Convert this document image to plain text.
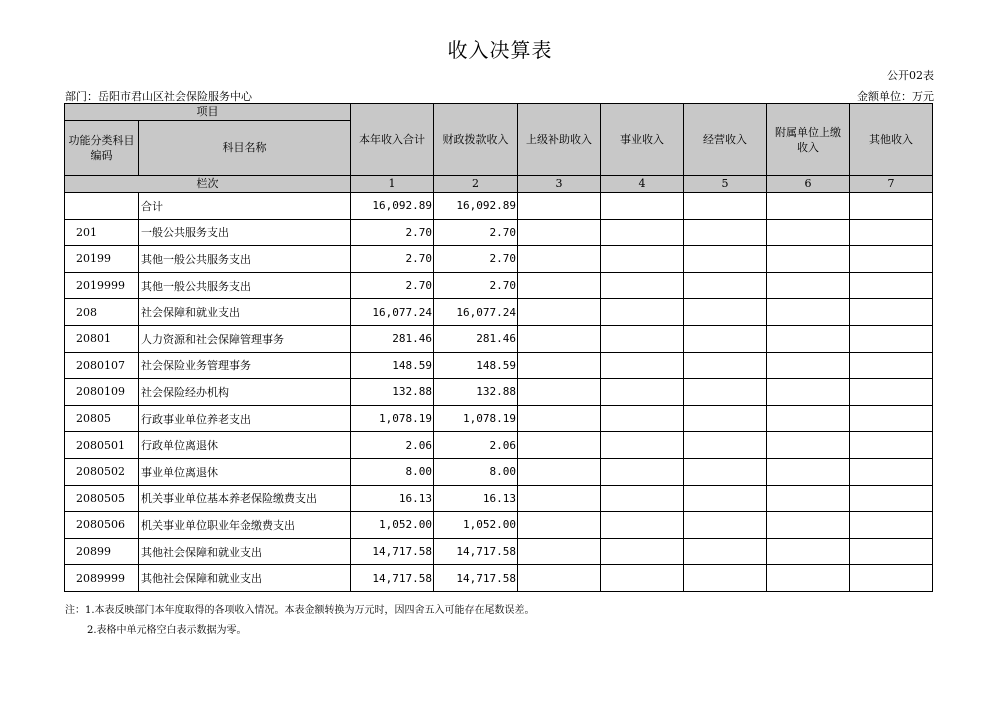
收入决算表
公开02表
部门：岳阳市君山区社会保险服务中心	金额单位：万元
项目		本年收入合计	财政拨款收入	上级补助收入	事业收入	经营收入	附属单位上缴收入	其他收入
功能分类科目编码	科目名称							
栏次		1	2	3	4	5	6	7
	合计	16,092.89	16,092.89					
201	一般公共服务支出	2.70	2.70					
20199	其他一般公共服务支出	2.70	2.70					
2019999	其他一般公共服务支出	2.70	2.70					
208	社会保障和就业支出	16,077.24	16,077.24					
20801	人力资源和社会保障管理事务	281.46	281.46					
2080107	社会保险业务管理事务	148.59	148.59					
2080109	社会保险经办机构	132.88	132.88					
20805	行政事业单位养老支出	1,078.19	1,078.19					
2080501	行政单位离退休	2.06	2.06					
2080502	事业单位离退休	8.00	8.00					
2080505	机关事业单位基本养老保险缴费支出	16.13	16.13					
2080506	机关事业单位职业年金缴费支出	1,052.00	1,052.00					
20899	其他社会保障和就业支出	14,717.58	14,717.58					
2089999	其他社会保障和就业支出	14,717.58	14,717.58					
注：1.本表反映部门本年度取得的各项收入情况。本表金额转换为万元时，因四舍五入可能存在尾数误差。
2.表格中单元格空白表示数据为零。
